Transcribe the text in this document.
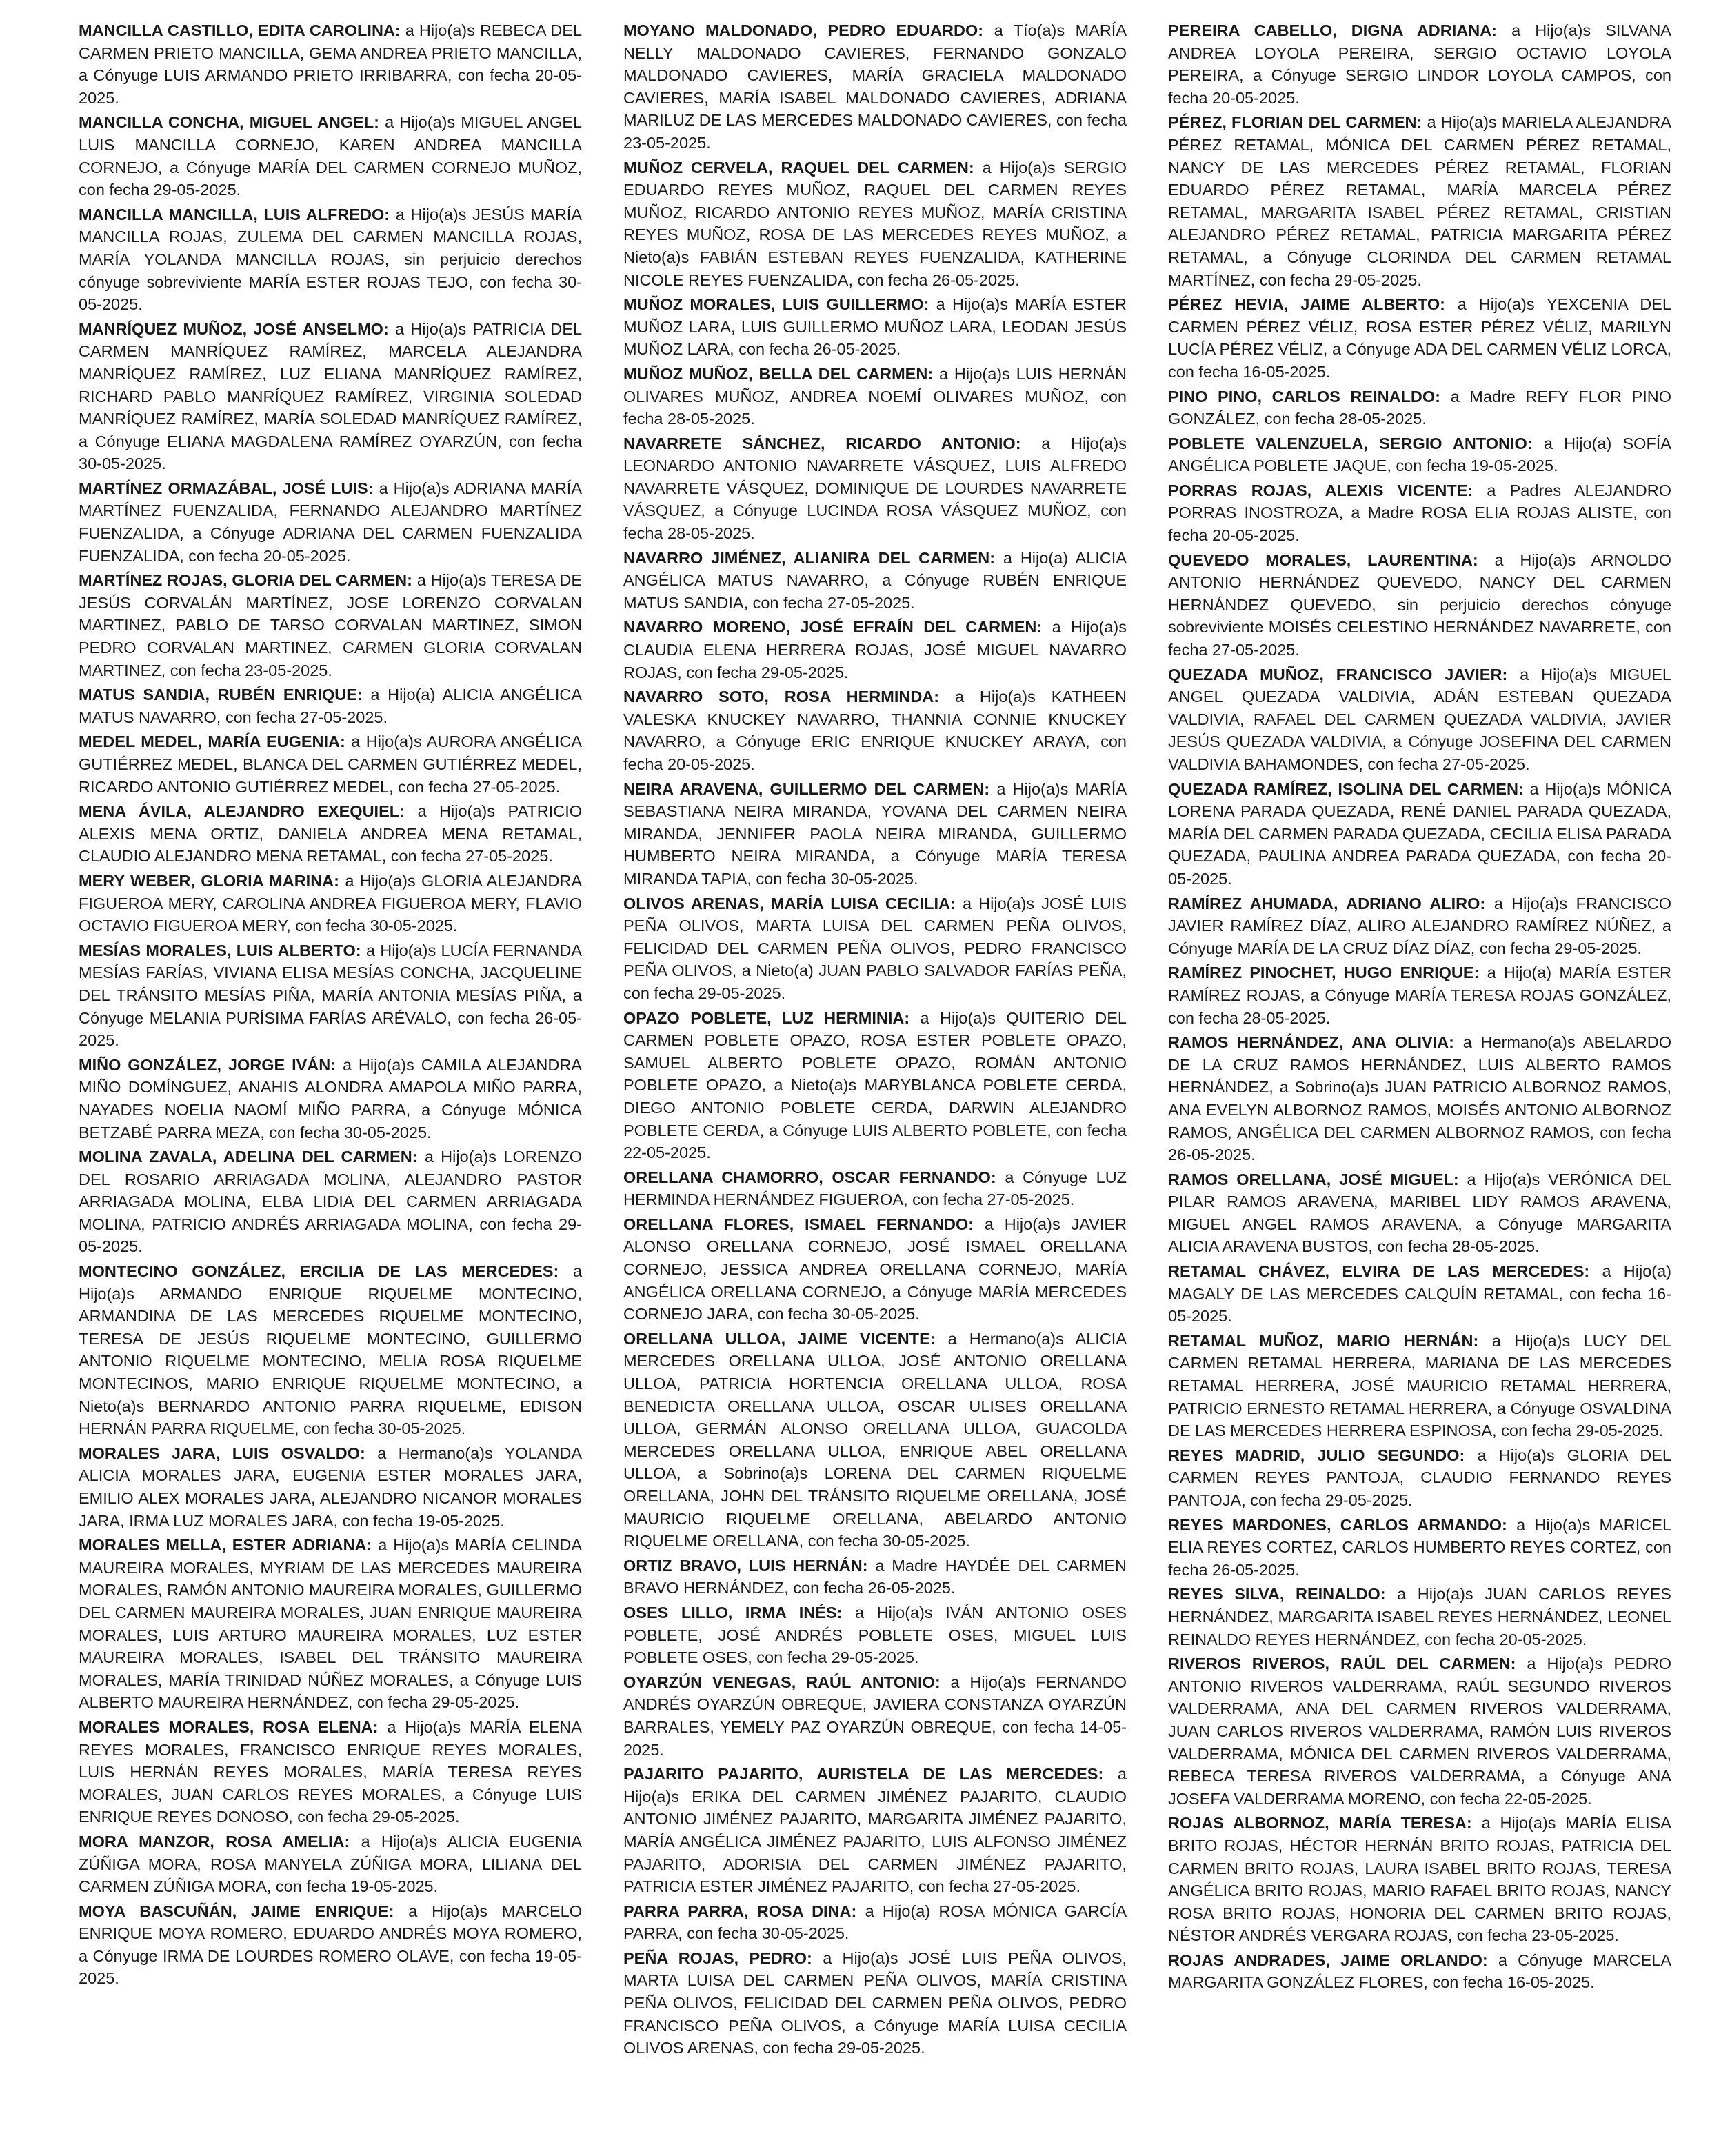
MANCILLA CASTILLO, EDITA CAROLINA: a Hijo(a)s REBECA DEL CARMEN PRIETO MANCILLA, GEMA ANDREA PRIETO MANCILLA, a Cónyuge LUIS ARMANDO PRIETO IRRIBARRA, con fecha 20-05-2025.

MANCILLA CONCHA, MIGUEL ANGEL: a Hijo(a)s MIGUEL ANGEL LUIS MANCILLA CORNEJO, KAREN ANDREA MANCILLA CORNEJO, a Cónyuge MARÍA DEL CARMEN CORNEJO MUÑOZ, con fecha 29-05-2025.

MANCILLA MANCILLA, LUIS ALFREDO: a Hijo(a)s JESÚS MARÍA MANCILLA ROJAS, ZULEMA DEL CARMEN MANCILLA ROJAS, MARÍA YOLANDA MANCILLA ROJAS, sin perjuicio derechos cónyuge sobreviviente MARÍA ESTER ROJAS TEJO, con fecha 30-05-2025.

MANRÍQUEZ MUÑOZ, JOSÉ ANSELMO: a Hijo(a)s PATRICIA DEL CARMEN MANRÍQUEZ RAMÍREZ, MARCELA ALEJANDRA MANRÍQUEZ RAMÍREZ, LUZ ELIANA MANRÍQUEZ RAMÍREZ, RICHARD PABLO MANRÍQUEZ RAMÍREZ, VIRGINIA SOLEDAD MANRÍQUEZ RAMÍREZ, MARÍA SOLEDAD MANRÍQUEZ RAMÍREZ, a Cónyuge ELIANA MAGDALENA RAMÍREZ OYARZÚN, con fecha 30-05-2025.

MARTÍNEZ ORMAZÁBAL, JOSÉ LUIS: a Hijo(a)s ADRIANA MARÍA MARTÍNEZ FUENZALIDA, FERNANDO ALEJANDRO MARTÍNEZ FUENZALIDA, a Cónyuge ADRIANA DEL CARMEN FUENZALIDA FUENZALIDA, con fecha 20-05-2025.

MARTÍNEZ ROJAS, GLORIA DEL CARMEN: a Hijo(a)s TERESA DE JESÚS CORVALÁN MARTÍNEZ, JOSE LORENZO CORVALAN MARTINEZ, PABLO DE TARSO CORVALAN MARTINEZ, SIMON PEDRO CORVALAN MARTINEZ, CARMEN GLORIA CORVALAN MARTINEZ, con fecha 23-05-2025.

MATUS SANDIA, RUBÉN ENRIQUE: a Hijo(a) ALICIA ANGÉLICA MATUS NAVARRO, con fecha 27-05-2025.

MEDEL MEDEL, MARÍA EUGENIA: a Hijo(a)s AURORA ANGÉLICA GUTIÉRREZ MEDEL, BLANCA DEL CARMEN GUTIÉRREZ MEDEL, RICARDO ANTONIO GUTIÉRREZ MEDEL, con fecha 27-05-2025.

MENA ÁVILA, ALEJANDRO EXEQUIEL: a Hijo(a)s PATRICIO ALEXIS MENA ORTIZ, DANIELA ANDREA MENA RETAMAL, CLAUDIO ALEJANDRO MENA RETAMAL, con fecha 27-05-2025.

MERY WEBER, GLORIA MARINA: a Hijo(a)s GLORIA ALEJANDRA FIGUEROA MERY, CAROLINA ANDREA FIGUEROA MERY, FLAVIO OCTAVIO FIGUEROA MERY, con fecha 30-05-2025.

MESÍAS MORALES, LUIS ALBERTO: a Hijo(a)s LUCÍA FERNANDA MESÍAS FARÍAS, VIVIANA ELISA MESÍAS CONCHA, JACQUELINE DEL TRÁNSITO MESÍAS PIÑA, MARÍA ANTONIA MESÍAS PIÑA, a Cónyuge MELANIA PURÍSIMA FARÍAS ARÉVALO, con fecha 26-05-2025.

MIÑO GONZÁLEZ, JORGE IVÁN: a Hijo(a)s CAMILA ALEJANDRA MIÑO DOMÍNGUEZ, ANAHIS ALONDRA AMAPOLA MIÑO PARRA, NAYADES NOELIA NAOMÍ MIÑO PARRA, a Cónyuge MÓNICA BETZABÉ PARRA MEZA, con fecha 30-05-2025.

MOLINA ZAVALA, ADELINA DEL CARMEN: a Hijo(a)s LORENZO DEL ROSARIO ARRIAGADA MOLINA, ALEJANDRO PASTOR ARRIAGADA MOLINA, ELBA LIDIA DEL CARMEN ARRIAGADA MOLINA, PATRICIO ANDRÉS ARRIAGADA MOLINA, con fecha 29-05-2025.

MONTECINO GONZÁLEZ, ERCILIA DE LAS MERCEDES: a Hijo(a)s ARMANDO ENRIQUE RIQUELME MONTECINO, ARMANDINA DE LAS MERCEDES RIQUELME MONTECINO, TERESA DE JESÚS RIQUELME MONTECINO, GUILLERMO ANTONIO RIQUELME MONTECINO, MELIA ROSA RIQUELME MONTECINOS, MARIO ENRIQUE RIQUELME MONTECINO, a Nieto(a)s BERNARDO ANTONIO PARRA RIQUELME, EDISON HERNÁN PARRA RIQUELME, con fecha 30-05-2025.

MORALES JARA, LUIS OSVALDO: a Hermano(a)s YOLANDA ALICIA MORALES JARA, EUGENIA ESTER MORALES JARA, EMILIO ALEX MORALES JARA, ALEJANDRO NICANOR MORALES JARA, IRMA LUZ MORALES JARA, con fecha 19-05-2025.

MORALES MELLA, ESTER ADRIANA: a Hijo(a)s MARÍA CELINDA MAUREIRA MORALES, MYRIAM DE LAS MERCEDES MAUREIRA MORALES, RAMÓN ANTONIO MAUREIRA MORALES, GUILLERMO DEL CARMEN MAUREIRA MORALES, JUAN ENRIQUE MAUREIRA MORALES, LUIS ARTURO MAUREIRA MORALES, LUZ ESTER MAUREIRA MORALES, ISABEL DEL TRÁNSITO MAUREIRA MORALES, MARÍA TRINIDAD NÚÑEZ MORALES, a Cónyuge LUIS ALBERTO MAUREIRA HERNÁNDEZ, con fecha 29-05-2025.

MORALES MORALES, ROSA ELENA: a Hijo(a)s MARÍA ELENA REYES MORALES, FRANCISCO ENRIQUE REYES MORALES, LUIS HERNÁN REYES MORALES, MARÍA TERESA REYES MORALES, JUAN CARLOS REYES MORALES, a Cónyuge LUIS ENRIQUE REYES DONOSO, con fecha 29-05-2025.

MORA MANZOR, ROSA AMELIA: a Hijo(a)s ALICIA EUGENIA ZÚÑIGA MORA, ROSA MANYELA ZÚÑIGA MORA, LILIANA DEL CARMEN ZÚÑIGA MORA, con fecha 19-05-2025.

MOYA BASCUÑÁN, JAIME ENRIQUE: a Hijo(a)s MARCELO ENRIQUE MOYA ROMERO, EDUARDO ANDRÉS MOYA ROMERO, a Cónyuge IRMA DE LOURDES ROMERO OLAVE, con fecha 19-05-2025.

MOYANO MALDONADO, PEDRO EDUARDO: a Tío(a)s MARÍA NELLY MALDONADO CAVIERES, FERNANDO GONZALO MALDONADO CAVIERES, MARÍA GRACIELA MALDONADO CAVIERES, MARÍA ISABEL MALDONADO CAVIERES, ADRIANA MARILUZ DE LAS MERCEDES MALDONADO CAVIERES, con fecha 23-05-2025.

MUÑOZ CERVELA, RAQUEL DEL CARMEN: a Hijo(a)s SERGIO EDUARDO REYES MUÑOZ, RAQUEL DEL CARMEN REYES MUÑOZ, RICARDO ANTONIO REYES MUÑOZ, MARÍA CRISTINA REYES MUÑOZ, ROSA DE LAS MERCEDES REYES MUÑOZ, a Nieto(a)s FABIÁN ESTEBAN REYES FUENZALIDA, KATHERINE NICOLE REYES FUENZALIDA, con fecha 26-05-2025.

MUÑOZ MORALES, LUIS GUILLERMO: a Hijo(a)s MARÍA ESTER MUÑOZ LARA, LUIS GUILLERMO MUÑOZ LARA, LEODAN JESÚS MUÑOZ LARA, con fecha 26-05-2025.

MUÑOZ MUÑOZ, BELLA DEL CARMEN: a Hijo(a)s LUIS HERNÁN OLIVARES MUÑOZ, ANDREA NOEMÍ OLIVARES MUÑOZ, con fecha 28-05-2025.

NAVARRETE SÁNCHEZ, RICARDO ANTONIO: a Hijo(a)s LEONARDO ANTONIO NAVARRETE VÁSQUEZ, LUIS ALFREDO NAVARRETE VÁSQUEZ, DOMINIQUE DE LOURDES NAVARRETE VÁSQUEZ, a Cónyuge LUCINDA ROSA VÁSQUEZ MUÑOZ, con fecha 28-05-2025.

NAVARRO JIMÉNEZ, ALIANIRA DEL CARMEN: a Hijo(a) ALICIA ANGÉLICA MATUS NAVARRO, a Cónyuge RUBÉN ENRIQUE MATUS SANDIA, con fecha 27-05-2025.

NAVARRO MORENO, JOSÉ EFRAÍN DEL CARMEN: a Hijo(a)s CLAUDIA ELENA HERRERA ROJAS, JOSÉ MIGUEL NAVARRO ROJAS, con fecha 29-05-2025.

NAVARRO SOTO, ROSA HERMINDA: a Hijo(a)s KATHEEN VALESKA KNUCKEY NAVARRO, THANNIA CONNIE KNUCKEY NAVARRO, a Cónyuge ERIC ENRIQUE KNUCKEY ARAYA, con fecha 20-05-2025.

NEIRA ARAVENA, GUILLERMO DEL CARMEN: a Hijo(a)s MARÍA SEBASTIANA NEIRA MIRANDA, YOVANA DEL CARMEN NEIRA MIRANDA, JENNIFER PAOLA NEIRA MIRANDA, GUILLERMO HUMBERTO NEIRA MIRANDA, a Cónyuge MARÍA TERESA MIRANDA TAPIA, con fecha 30-05-2025.

OLIVOS ARENAS, MARÍA LUISA CECILIA: a Hijo(a)s JOSÉ LUIS PEÑA OLIVOS, MARTA LUISA DEL CARMEN PEÑA OLIVOS, FELICIDAD DEL CARMEN PEÑA OLIVOS, PEDRO FRANCISCO PEÑA OLIVOS, a Nieto(a) JUAN PABLO SALVADOR FARÍAS PEÑA, con fecha 29-05-2025.

OPAZO POBLETE, LUZ HERMINIA: a Hijo(a)s QUITERIO DEL CARMEN POBLETE OPAZO, ROSA ESTER POBLETE OPAZO, SAMUEL ALBERTO POBLETE OPAZO, ROMÁN ANTONIO POBLETE OPAZO, a Nieto(a)s MARYBLANCA POBLETE CERDA, DIEGO ANTONIO POBLETE CERDA, DARWIN ALEJANDRO POBLETE CERDA, a Cónyuge LUIS ALBERTO POBLETE, con fecha 22-05-2025.

ORELLANA CHAMORRO, OSCAR FERNANDO: a Cónyuge LUZ HERMINDA HERNÁNDEZ FIGUEROA, con fecha 27-05-2025.

ORELLANA FLORES, ISMAEL FERNANDO: a Hijo(a)s JAVIER ALONSO ORELLANA CORNEJO, JOSÉ ISMAEL ORELLANA CORNEJO, JESSICA ANDREA ORELLANA CORNEJO, MARÍA ANGÉLICA ORELLANA CORNEJO, a Cónyuge MARÍA MERCEDES CORNEJO JARA, con fecha 30-05-2025.

ORELLANA ULLOA, JAIME VICENTE: a Hermano(a)s ALICIA MERCEDES ORELLANA ULLOA, JOSÉ ANTONIO ORELLANA ULLOA, PATRICIA HORTENCIA ORELLANA ULLOA, ROSA BENEDICTA ORELLANA ULLOA, OSCAR ULISES ORELLANA ULLOA, GERMÁN ALONSO ORELLANA ULLOA, GUACOLDA MERCEDES ORELLANA ULLOA, ENRIQUE ABEL ORELLANA ULLOA, a Sobrino(a)s LORENA DEL CARMEN RIQUELME ORELLANA, JOHN DEL TRÁNSITO RIQUELME ORELLANA, JOSÉ MAURICIO RIQUELME ORELLANA, ABELARDO ANTONIO RIQUELME ORELLANA, con fecha 30-05-2025.

ORTIZ BRAVO, LUIS HERNÁN: a Madre HAYDÉE DEL CARMEN BRAVO HERNÁNDEZ, con fecha 26-05-2025.

OSES LILLO, IRMA INÉS: a Hijo(a)s IVÁN ANTONIO OSES POBLETE, JOSÉ ANDRÉS POBLETE OSES, MIGUEL LUIS POBLETE OSES, con fecha 29-05-2025.

OYARZÚN VENEGAS, RAÚL ANTONIO: a Hijo(a)s FERNANDO ANDRÉS OYARZÚN OBREQUE, JAVIERA CONSTANZA OYARZÚN BARRALES, YEMELY PAZ OYARZÚN OBREQUE, con fecha 14-05-2025.

PAJARITO PAJARITO, AURISTELA DE LAS MERCEDES: a Hijo(a)s ERIKA DEL CARMEN JIMÉNEZ PAJARITO, CLAUDIO ANTONIO JIMÉNEZ PAJARITO, MARGARITA JIMÉNEZ PAJARITO, MARÍA ANGÉLICA JIMÉNEZ PAJARITO, LUIS ALFONSO JIMÉNEZ PAJARITO, ADORISIA DEL CARMEN JIMÉNEZ PAJARITO, PATRICIA ESTER JIMÉNEZ PAJARITO, con fecha 27-05-2025.

PARRA PARRA, ROSA DINA: a Hijo(a) ROSA MÓNICA GARCÍA PARRA, con fecha 30-05-2025.

PEÑA ROJAS, PEDRO: a Hijo(a)s JOSÉ LUIS PEÑA OLIVOS, MARTA LUISA DEL CARMEN PEÑA OLIVOS, MARÍA CRISTINA PEÑA OLIVOS, FELICIDAD DEL CARMEN PEÑA OLIVOS, PEDRO FRANCISCO PEÑA OLIVOS, a Cónyuge MARÍA LUISA CECILIA OLIVOS ARENAS, con fecha 29-05-2025.

PEREIRA CABELLO, DIGNA ADRIANA: a Hijo(a)s SILVANA ANDREA LOYOLA PEREIRA, SERGIO OCTAVIO LOYOLA PEREIRA, a Cónyuge SERGIO LINDOR LOYOLA CAMPOS, con fecha 20-05-2025.

PÉREZ, FLORIAN DEL CARMEN: a Hijo(a)s MARIELA ALEJANDRA PÉREZ RETAMAL, MÓNICA DEL CARMEN PÉREZ RETAMAL, NANCY DE LAS MERCEDES PÉREZ RETAMAL, FLORIAN EDUARDO PÉREZ RETAMAL, MARÍA MARCELA PÉREZ RETAMAL, MARGARITA ISABEL PÉREZ RETAMAL, CRISTIAN ALEJANDRO PÉREZ RETAMAL, PATRICIA MARGARITA PÉREZ RETAMAL, a Cónyuge CLORINDA DEL CARMEN RETAMAL MARTÍNEZ, con fecha 29-05-2025.

PÉREZ HEVIA, JAIME ALBERTO: a Hijo(a)s YEXCENIA DEL CARMEN PÉREZ VÉLIZ, ROSA ESTER PÉREZ VÉLIZ, MARILYN LUCÍA PÉREZ VÉLIZ, a Cónyuge ADA DEL CARMEN VÉLIZ LORCA, con fecha 16-05-2025.

PINO PINO, CARLOS REINALDO: a Madre REFY FLOR PINO GONZÁLEZ, con fecha 28-05-2025.

POBLETE VALENZUELA, SERGIO ANTONIO: a Hijo(a) SOFÍA ANGÉLICA POBLETE JAQUE, con fecha 19-05-2025.

PORRAS ROJAS, ALEXIS VICENTE: a Padres ALEJANDRO PORRAS INOSTROZA, a Madre ROSA ELIA ROJAS ALISTE, con fecha 20-05-2025.

QUEVEDO MORALES, LAURENTINA: a Hijo(a)s ARNOLDO ANTONIO HERNÁNDEZ QUEVEDO, NANCY DEL CARMEN HERNÁNDEZ QUEVEDO, sin perjuicio derechos cónyuge sobreviviente MOISÉS CELESTINO HERNÁNDEZ NAVARRETE, con fecha 27-05-2025.

QUEZADA MUÑOZ, FRANCISCO JAVIER: a Hijo(a)s MIGUEL ANGEL QUEZADA VALDIVIA, ADÁN ESTEBAN QUEZADA VALDIVIA, RAFAEL DEL CARMEN QUEZADA VALDIVIA, JAVIER JESÚS QUEZADA VALDIVIA, a Cónyuge JOSEFINA DEL CARMEN VALDIVIA BAHAMONDES, con fecha 27-05-2025.

QUEZADA RAMÍREZ, ISOLINA DEL CARMEN: a Hijo(a)s MÓNICA LORENA PARADA QUEZADA, RENÉ DANIEL PARADA QUEZADA, MARÍA DEL CARMEN PARADA QUEZADA, CECILIA ELISA PARADA QUEZADA, PAULINA ANDREA PARADA QUEZADA, con fecha 20-05-2025.

RAMÍREZ AHUMADA, ADRIANO ALIRO: a Hijo(a)s FRANCISCO JAVIER RAMÍREZ DÍAZ, ALIRO ALEJANDRO RAMÍREZ NÚÑEZ, a Cónyuge MARÍA DE LA CRUZ DÍAZ DÍAZ, con fecha 29-05-2025.

RAMÍREZ PINOCHET, HUGO ENRIQUE: a Hijo(a) MARÍA ESTER RAMÍREZ ROJAS, a Cónyuge MARÍA TERESA ROJAS GONZÁLEZ, con fecha 28-05-2025.

RAMOS HERNÁNDEZ, ANA OLIVIA: a Hermano(a)s ABELARDO DE LA CRUZ RAMOS HERNÁNDEZ, LUIS ALBERTO RAMOS HERNÁNDEZ, a Sobrino(a)s JUAN PATRICIO ALBORNOZ RAMOS, ANA EVELYN ALBORNOZ RAMOS, MOISÉS ANTONIO ALBORNOZ RAMOS, ANGÉLICA DEL CARMEN ALBORNOZ RAMOS, con fecha 26-05-2025.

RAMOS ORELLANA, JOSÉ MIGUEL: a Hijo(a)s VERÓNICA DEL PILAR RAMOS ARAVENA, MARIBEL LIDY RAMOS ARAVENA, MIGUEL ANGEL RAMOS ARAVENA, a Cónyuge MARGARITA ALICIA ARAVENA BUSTOS, con fecha 28-05-2025.

RETAMAL CHÁVEZ, ELVIRA DE LAS MERCEDES: a Hijo(a) MAGALY DE LAS MERCEDES CALQUÍN RETAMAL, con fecha 16-05-2025.

RETAMAL MUÑOZ, MARIO HERNÁN: a Hijo(a)s LUCY DEL CARMEN RETAMAL HERRERA, MARIANA DE LAS MERCEDES RETAMAL HERRERA, JOSÉ MAURICIO RETAMAL HERRERA, PATRICIO ERNESTO RETAMAL HERRERA, a Cónyuge OSVALDINA DE LAS MERCEDES HERRERA ESPINOSA, con fecha 29-05-2025.

REYES MADRID, JULIO SEGUNDO: a Hijo(a)s GLORIA DEL CARMEN REYES PANTOJA, CLAUDIO FERNANDO REYES PANTOJA, con fecha 29-05-2025.

REYES MARDONES, CARLOS ARMANDO: a Hijo(a)s MARICEL ELIA REYES CORTEZ, CARLOS HUMBERTO REYES CORTEZ, con fecha 26-05-2025.

REYES SILVA, REINALDO: a Hijo(a)s JUAN CARLOS REYES HERNÁNDEZ, MARGARITA ISABEL REYES HERNÁNDEZ, LEONEL REINALDO REYES HERNÁNDEZ, con fecha 20-05-2025.

RIVEROS RIVEROS, RAÚL DEL CARMEN: a Hijo(a)s PEDRO ANTONIO RIVEROS VALDERRAMA, RAÚL SEGUNDO RIVEROS VALDERRAMA, ANA DEL CARMEN RIVEROS VALDERRAMA, JUAN CARLOS RIVEROS VALDERRAMA, RAMÓN LUIS RIVEROS VALDERRAMA, MÓNICA DEL CARMEN RIVEROS VALDERRAMA, REBECA TERESA RIVEROS VALDERRAMA, a Cónyuge ANA JOSEFA VALDERRAMA MORENO, con fecha 22-05-2025.

ROJAS ALBORNOZ, MARÍA TERESA: a Hijo(a)s MARÍA ELISA BRITO ROJAS, HÉCTOR HERNÁN BRITO ROJAS, PATRICIA DEL CARMEN BRITO ROJAS, LAURA ISABEL BRITO ROJAS, TERESA ANGÉLICA BRITO ROJAS, MARIO RAFAEL BRITO ROJAS, NANCY ROSA BRITO ROJAS, HONORIA DEL CARMEN BRITO ROJAS, NÉSTOR ANDRÉS VERGARA ROJAS, con fecha 23-05-2025.

ROJAS ANDRADES, JAIME ORLANDO: a Cónyuge MARCELA MARGARITA GONZÁLEZ FLORES, con fecha 16-05-2025.
